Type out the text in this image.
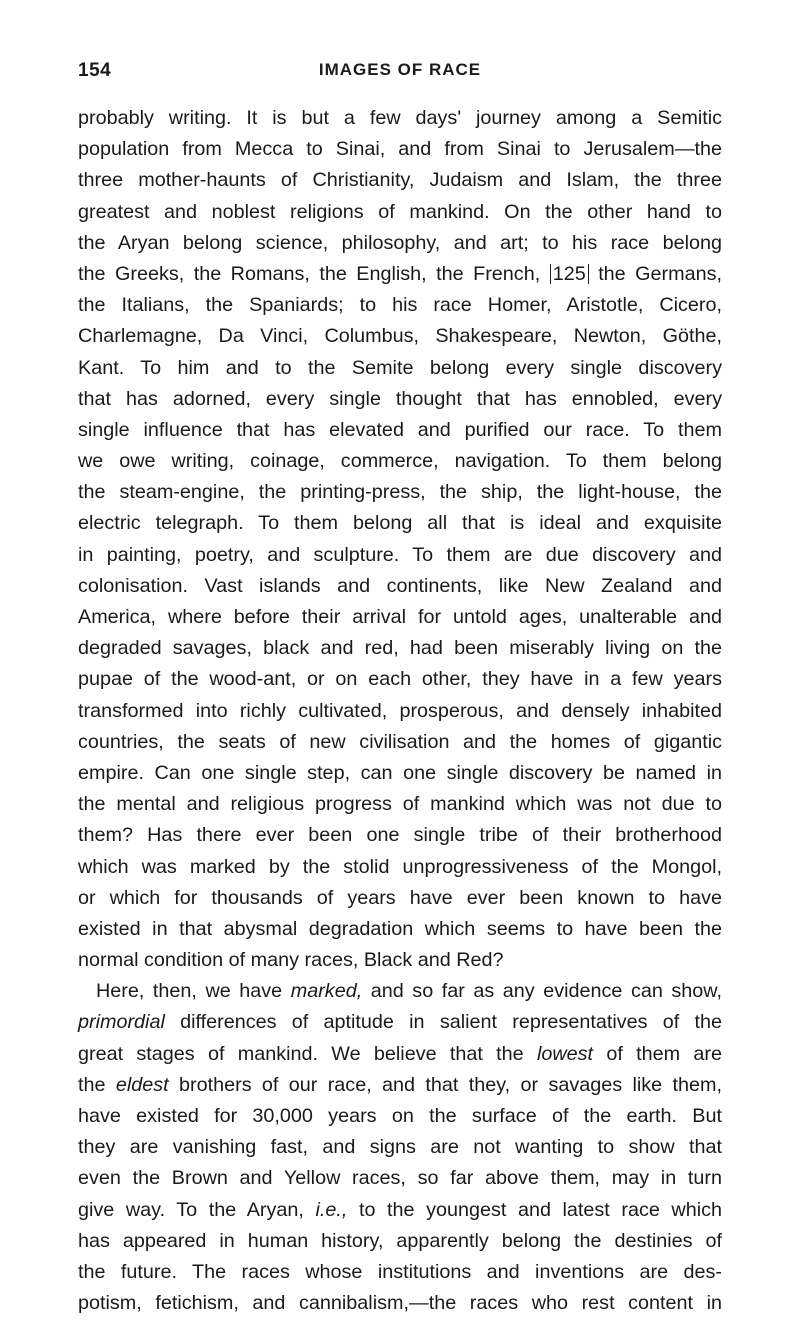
154	IMAGES OF RACE
probably writing. It is but a few days' journey among a Semitic
population from Mecca to Sinai, and from Sinai to Jerusalem—the
three mother-haunts of Christianity, Judaism and Islam, the three
greatest and noblest religions of mankind. On the other hand to
the Aryan belong science, philosophy, and art; to his race belong
the Greeks, the Romans, the English, the French, 125 the Germans,
the Italians, the Spaniards; to his race Homer, Aristotle, Cicero,
Charlemagne, Da Vinci, Columbus, Shakespeare, Newton, Göthe,
Kant. To him and to the Semite belong every single discovery
that has adorned, every single thought that has ennobled, every
single influence that has elevated and purified our race. To them
we owe writing, coinage, commerce, navigation. To them belong
the steam-engine, the printing-press, the ship, the light-house, the
electric telegraph. To them belong all that is ideal and exquisite
in painting, poetry, and sculpture. To them are due discovery and
colonisation. Vast islands and continents, like New Zealand and
America, where before their arrival for untold ages, unalterable and
degraded savages, black and red, had been miserably living on the
pupae of the wood-ant, or on each other, they have in a few years
transformed into richly cultivated, prosperous, and densely inhabited
countries, the seats of new civilisation and the homes of gigantic
empire. Can one single step, can one single discovery be named in
the mental and religious progress of mankind which was not due to
them? Has there ever been one single tribe of their brotherhood
which was marked by the stolid unprogressiveness of the Mongol,
or which for thousands of years have ever been known to have
existed in that abysmal degradation which seems to have been the
normal condition of many races, Black and Red?
Here, then, we have marked, and so far as any evidence can show,
primordial differences of aptitude in salient representatives of the
great stages of mankind. We believe that the lowest of them are
the eldest brothers of our race, and that they, or savages like them,
have existed for 30,000 years on the surface of the earth. But
they are vanishing fast, and signs are not wanting to show that
even the Brown and Yellow races, so far above them, may in turn
give way. To the Aryan, i.e., to the youngest and latest race which
has appeared in human history, apparently belong the destinies of
the future. The races whose institutions and inventions are des-
potism, fetichism, and cannibalism,—the races who rest content in
